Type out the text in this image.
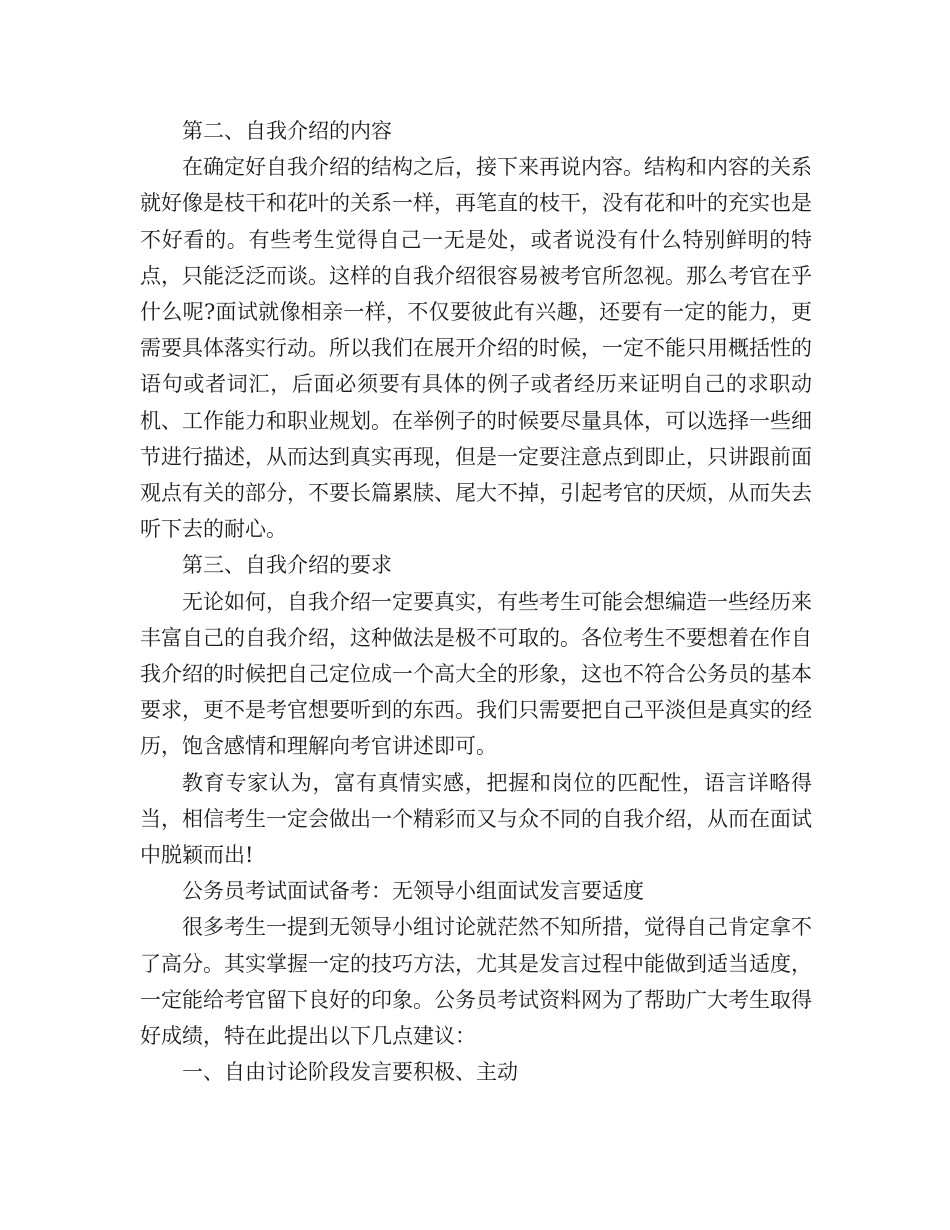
第二、自我介绍的内容

在确定好自我介绍的结构之后，接下来再说内容。结构和内容的关系就好像是枝干和花叶的关系一样，再笔直的枝干，没有花和叶的充实也是不好看的。有些考生觉得自己一无是处，或者说没有什么特别鲜明的特点，只能泛泛而谈。这样的自我介绍很容易被考官所忽视。那么考官在乎什么呢?面试就像相亲一样，不仅要彼此有兴趣，还要有一定的能力，更需要具体落实行动。所以我们在展开介绍的时候，一定不能只用概括性的语句或者词汇，后面必须要有具体的例子或者经历来证明自己的求职动机、工作能力和职业规划。在举例子的时候要尽量具体，可以选择一些细节进行描述，从而达到真实再现，但是一定要注意点到即止，只讲跟前面观点有关的部分，不要长篇累牍、尾大不掉，引起考官的厌烦，从而失去听下去的耐心。

第三、自我介绍的要求

无论如何，自我介绍一定要真实，有些考生可能会想编造一些经历来丰富自己的自我介绍，这种做法是极不可取的。各位考生不要想着在作自我介绍的时候把自己定位成一个高大全的形象，这也不符合公务员的基本要求，更不是考官想要听到的东西。我们只需要把自己平淡但是真实的经历，饱含感情和理解向考官讲述即可。

教育专家认为，富有真情实感，把握和岗位的匹配性，语言详略得当，相信考生一定会做出一个精彩而又与众不同的自我介绍，从而在面试中脱颖而出!

公务员考试面试备考：无领导小组面试发言要适度

很多考生一提到无领导小组讨论就茫然不知所措，觉得自己肯定拿不了高分。其实掌握一定的技巧方法，尤其是发言过程中能做到适当适度，一定能给考官留下良好的印象。公务员考试资料网为了帮助广大考生取得好成绩，特在此提出以下几点建议：

一、自由讨论阶段发言要积极、主动
